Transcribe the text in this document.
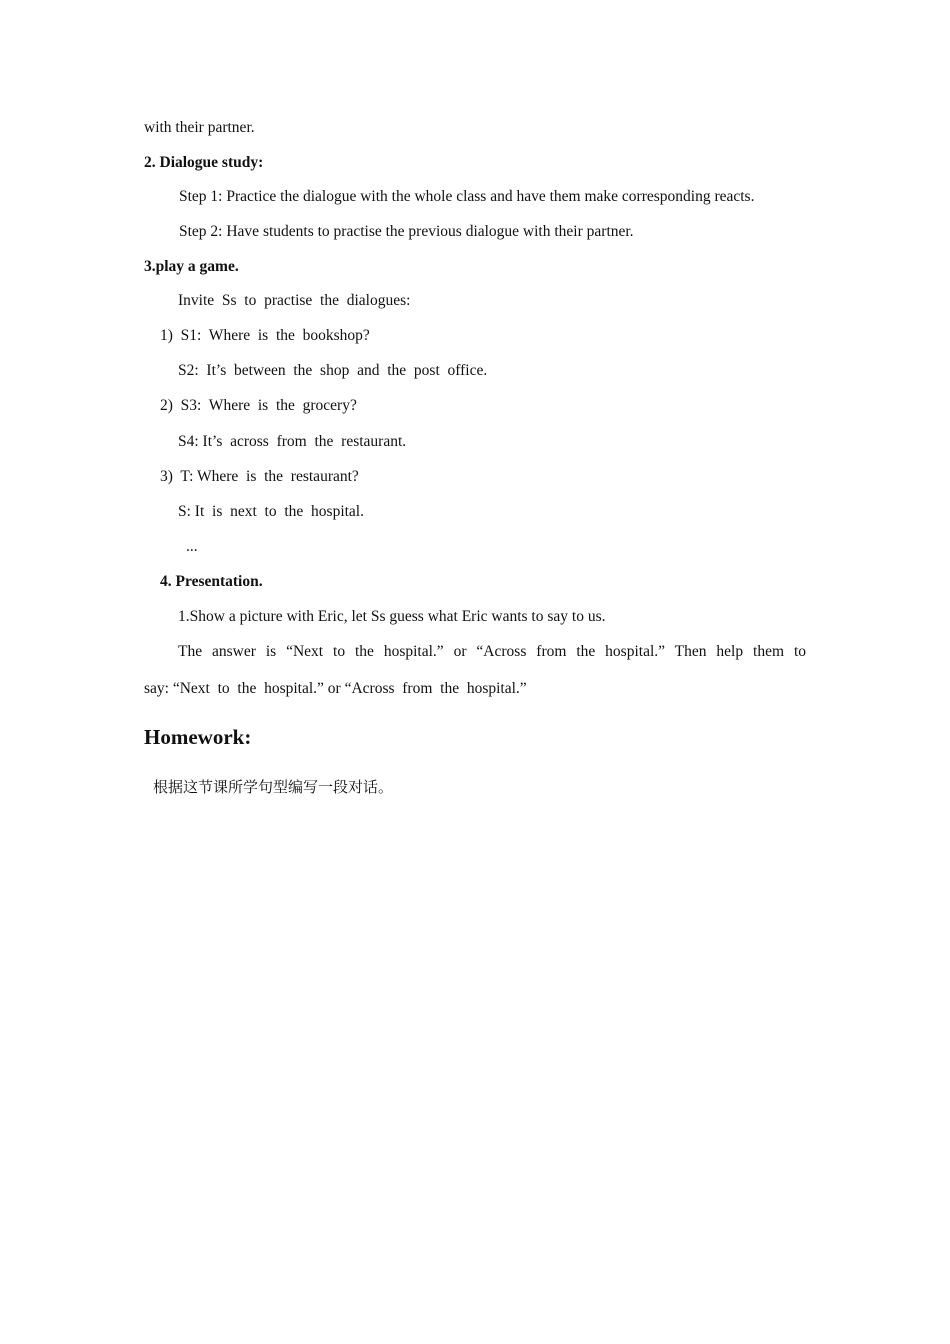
with their partner.
2. Dialogue study:
Step 1: Practice the dialogue with the whole class and have them make corresponding reacts.
Step 2: Have students to practise the previous dialogue with their partner.
3.play a game.
Invite  Ss  to  practise  the  dialogues:
1)  S1:  Where  is  the  bookshop?
S2:  It’s  between  the  shop  and  the  post  office.
2)  S3:  Where  is  the  grocery?
S4: It’s  across  from  the  restaurant.
3)  T: Where  is  the  restaurant?
S: It  is  next  to  the  hospital.
...
4. Presentation.
1.Show a picture with Eric, let Ss guess what Eric wants to say to us.
The answer is “Next to the hospital.” or “Across from the hospital.” Then help them to
say: “Next  to  the  hospital.” or “Across  from  the  hospital.”
Homework:
根据这节课所学句型编写一段对话。
